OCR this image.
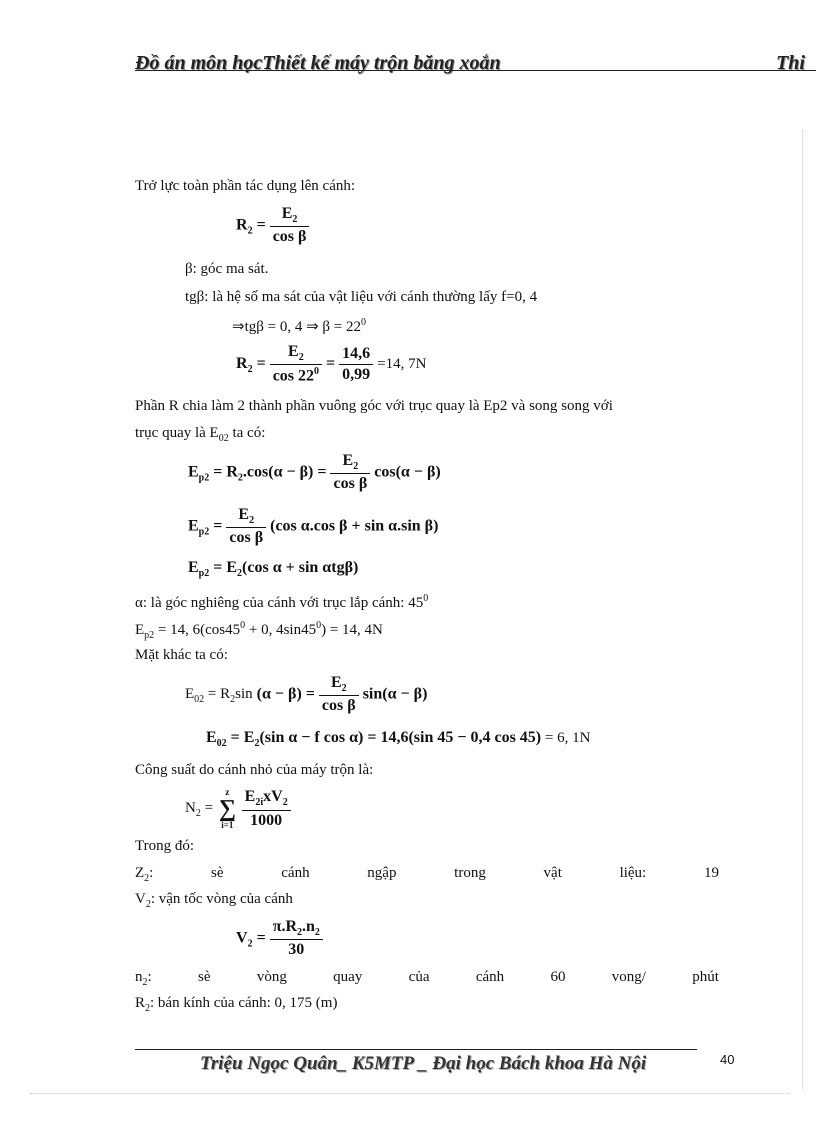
Đồ án môn họcThiết kế máy trộn băng xoắn	Thi
Trở lực toàn phần tác dụng lên cánh:
$R_2 = \frac{E_2}{\text{cos β}}$
β: góc ma sát.
tgβ: là hệ số ma sát của vật liệu với cánh thường lấy f=0, 4
⇒tgβ = 0, 4 ⇒ $\beta = 22^0$
$R_2 = \frac{E_2}{\cos 22^0} = \frac{14,6}{0,99} =14$, 7N
Phần R chia làm 2 thành phần vuông góc với trục quay là Ep2 và song song với
trục quay là $E_{02}$ ta có:
$E_{p2} = R_2.\cos(\alpha - \beta) = \frac{E_2}{\text{cos β}} \cos(\alpha - \beta)$
$E_{p2} = \frac{E_2}{\text{cos β}} (\cos$ α.cos β + sin α.sin β)
$E_{p2} = E_2(\cos$ α + sin αtgβ)
α: là góc nghiêng của cánh với trục lắp cánh: $45^0$
$E_{p2} = 14$, $6(\cos 45^0 + 0$, $4\sin 45^0) = 14$, 4N
Mặt khác ta có:
$E_{02} = R_2\sin$ $(\alpha - \beta) = \frac{E_2}{\text{cos β}} \sin(\alpha - \beta)$
$E_{02} = E_2(\sin$ α − f cos α) = 14,6(sin 45 − 0,4 cos 45) = 6, 1N
Công suất do cánh nhỏ của máy trộn là:
$N_2$ =
z
∑
i=1
$\frac{E_{2i}xV_2}{1000}$
Trong đó:
$Z_2$:	sè	cánh	ngập	trong	vật	liệu:	19
$V_2$: vận tốc vòng của cánh
$V_2 = \frac{\pi.R_2.n_2}{30}$
$n_2$:	sè	vòng	quay	của	cánh	60	vong/	phút
$R_2$: bán kính của cánh: 0, 175 (m)
Triệu Ngọc Quân_ K5MTP _ Đại học Bách khoa Hà Nội	40
